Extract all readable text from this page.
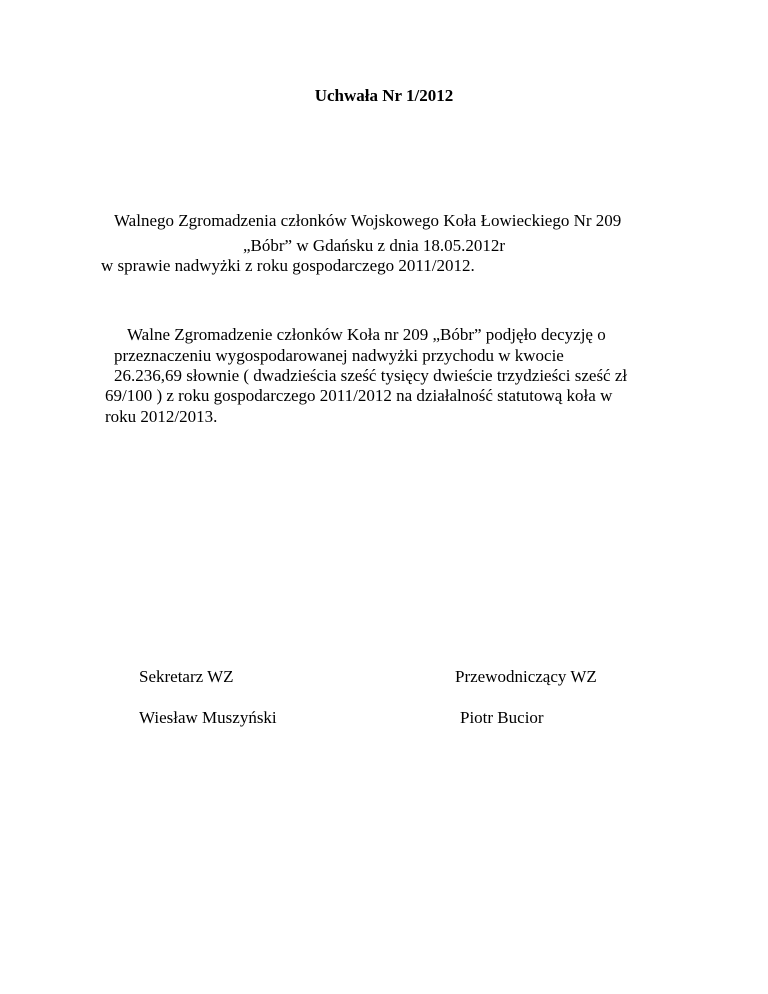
Uchwała Nr 1/2012
Walnego Zgromadzenia członków Wojskowego Koła Łowieckiego Nr 209
„Bóbr” w Gdańsku z dnia 18.05.2012r
w sprawie nadwyżki z roku gospodarczego 2011/2012.
Walne Zgromadzenie członków Koła nr 209 „Bóbr” podjęło decyzję o
przeznaczeniu wygospodarowanej nadwyżki przychodu w kwocie
26.236,69 słownie ( dwadzieścia sześć tysięcy dwieście trzydzieści sześć zł
69/100 ) z roku gospodarczego 2011/2012 na działalność statutową koła w
roku 2012/2013.
Sekretarz WZ
Wiesław Muszyński
Przewodniczący WZ
Piotr Bucior
